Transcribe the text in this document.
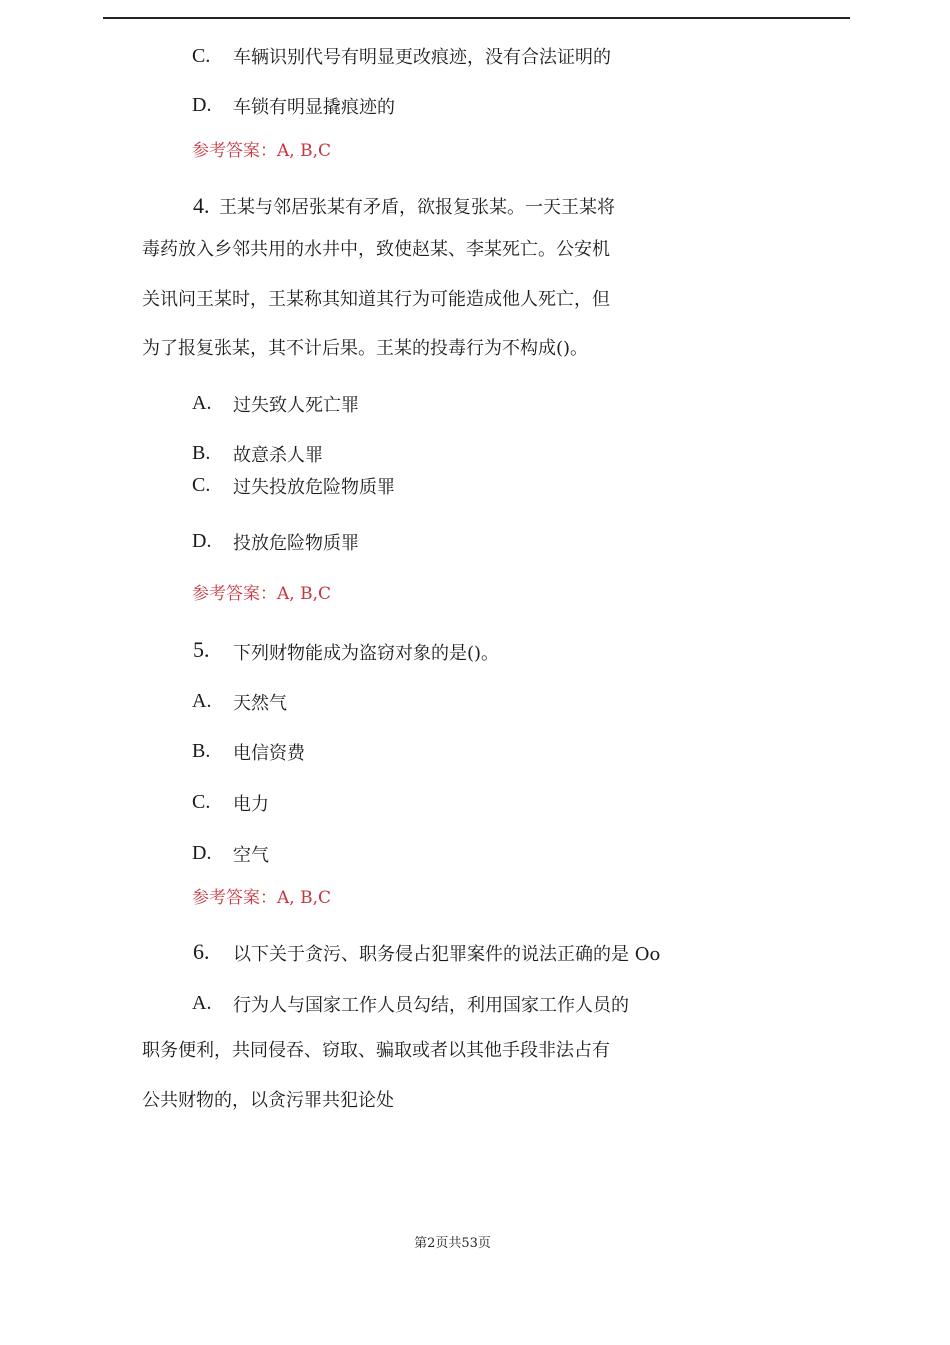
C. 车辆识别代号有明显更改痕迹，没有合法证明的
D. 车锁有明显撬痕迹的
参考答案：A, B,C
4. 王某与邻居张某有矛盾，欲报复张某。一天王某将
毒药放入乡邻共用的水井中，致使赵某、李某死亡。公安机
关讯问王某时，王某称其知道其行为可能造成他人死亡，但
为了报复张某，其不计后果。王某的投毒行为不构成()。
A. 过失致人死亡罪
B. 故意杀人罪
C. 过失投放危险物质罪
D. 投放危险物质罪
参考答案：A, B,C
5. 下列财物能成为盗窃对象的是()。
A. 天然气
B. 电信资费
C. 电力
D. 空气
参考答案：A, B,C
6. 以下关于贪污、职务侵占犯罪案件的说法正确的是 Oo
A. 行为人与国家工作人员勾结，利用国家工作人员的
职务便利，共同侵吞、窃取、骗取或者以其他手段非法占有
公共财物的，以贪污罪共犯论处
第2页共53页
